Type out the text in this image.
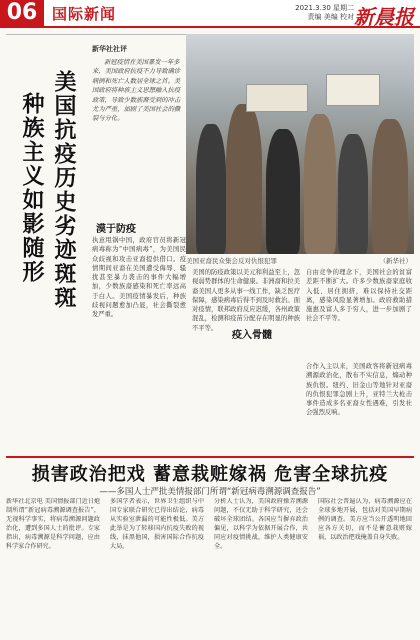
06 国际新闻	2021.3.30 星期二
责编 美编 校对 新晨报
美国抗疫历史劣迹斑斑
种族主义如影随形
新华社社评
新冠疫情在美国暴发一年多来，美国政府抗疫不力导致确诊病例和死亡人数居全球之首。美国政府将种族主义思想融入抗疫政策，导致少数族裔受到的冲击尤为严重，加剧了美国社会的撕裂与分化。
美国亚裔民众集会反对仇恨犯罪	（新华社）
漠于防疫
执意甩锅中国，政府官员将新冠病毒称为“中国病毒”，为美国民众歧视和攻击亚裔提供借口。疫情期间亚裔在美国遭受侮辱、骚扰甚至暴力袭击的事件大幅增加，少数族裔感染和死亡率远高于白人。美国疫情暴发后，种族歧视问题愈加凸显，社会撕裂愈发严重。
美国的防疫政策以美元和利益至上，忽视弱势群体的生命健康。非洲裔和拉美裔美国人更多从事一线工作，缺乏医疗保障，感染病毒后得不到及时救治。面对疫情，联邦政府反应迟缓，各州政策混乱，检测和疫苗分配存在明显的种族不平等。
疫入骨髓
自由竞争的理念下，美国社会的贫富差距不断扩大。许多少数族裔家庭收入低、居住拥挤，难以保持社交距离，感染风险显著增加。政府救助措施惠及富人多于穷人，进一步加剧了社会不平等。
合作入主以来，美国政客将新冠病毒溯源政治化，散布不实信息，煽动种族仇恨。纽约、旧金山等地针对亚裔的仇恨犯罪急剧上升，亚特兰大枪击事件造成多名亚裔女性遇难，引发社会强烈反响。
损害政治把戏 蓄意栽赃嫁祸 危害全球抗疫
——多国人士严批美情报部门所谓“新冠病毒溯源调查报告”
新华社北京电 美国情报部门近日炮制所谓“新冠病毒溯源调查报告”，无视科学事实，将病毒溯源问题政治化，遭到多国人士的批评。专家指出，病毒溯源是科学问题，应由科学家合作研究。
多国学者表示，世界卫生组织与中国专家联合研究已得出结论，病毒从实验室泄漏的可能性极低。美方此举是为了转移国内抗疫失败的视线，抹黑他国，损害国际合作抗疫大局。
分析人士认为，美国政府操弄溯源问题，不仅无助于科学研究，还会破坏全球团结。各国应当摒弃政治偏见，以科学为依据开展合作，共同应对疫情挑战，维护人类健康安全。
国际社会普遍认为，病毒溯源应在全球多地开展，包括对美国早期病例的调查。美方应当公开透明地回应各方关切，而不是蓄意栽赃嫁祸，以政治把戏掩盖自身失败。
